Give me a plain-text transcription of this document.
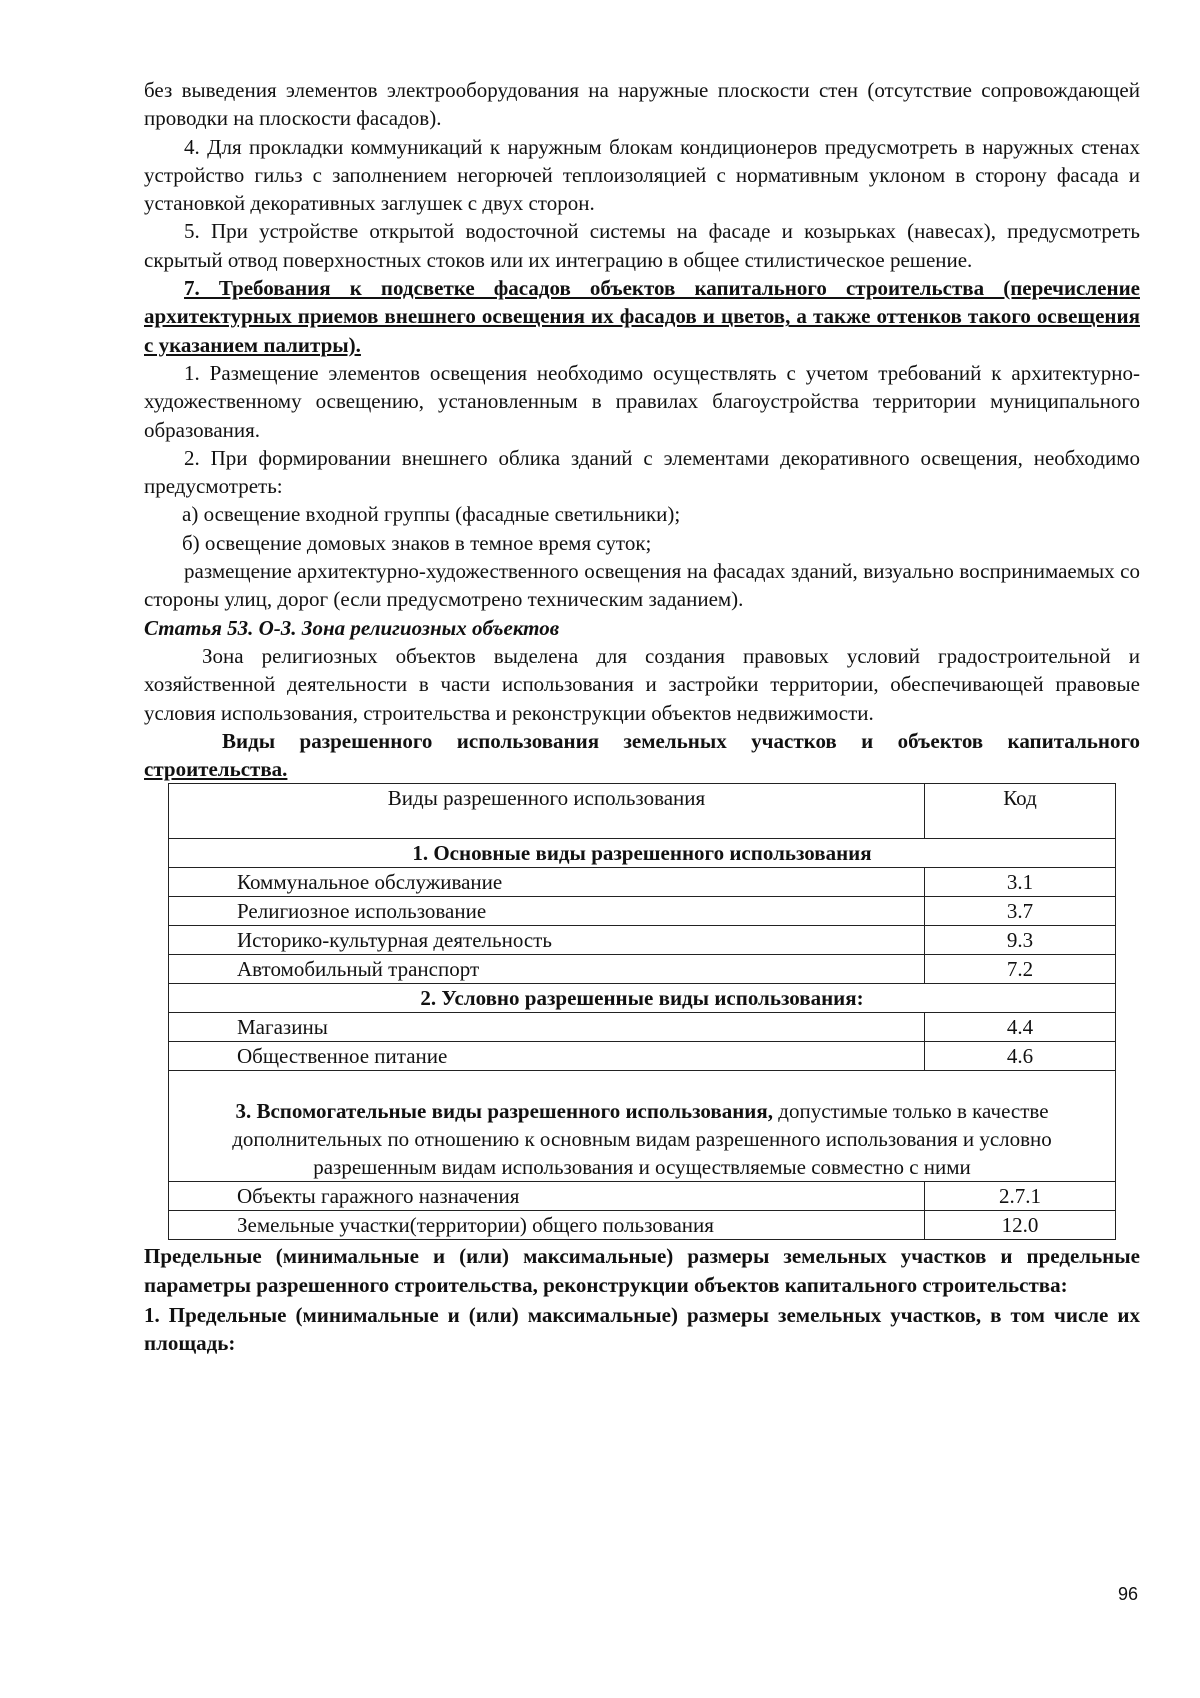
без выведения элементов электрооборудования на наружные плоскости стен (отсутствие сопровождающей проводки на плоскости фасадов).

4. Для прокладки коммуникаций к наружным блокам кондиционеров предусмотреть в наружных стенах устройство гильз с заполнением негорючей теплоизоляцией с нормативным уклоном в сторону фасада и установкой декоративных заглушек с двух сторон.

5. При устройстве открытой водосточной системы на фасаде и козырьках (навесах), предусмотреть скрытый отвод поверхностных стоков или их интеграцию в общее стилистическое решение.

7. Требования к подсветке фасадов объектов капитального строительства (перечисление архитектурных приемов внешнего освещения их фасадов и цветов, а также оттенков такого освещения с указанием палитры).

1. Размещение элементов освещения необходимо осуществлять с учетом требований к архитектурно-художественному освещению, установленным в правилах благоустройства территории муниципального образования.

2. При формировании внешнего облика зданий с элементами декоративного освещения, необходимо предусмотреть:

а) освещение входной группы (фасадные светильники);

б) освещение домовых знаков в темное время суток;

размещение архитектурно-художественного освещения на фасадах зданий, визуально воспринимаемых со стороны улиц, дорог (если предусмотрено техническим заданием).

Статья 53. О-3. Зона религиозных объектов

Зона религиозных объектов выделена для создания правовых условий градостроительной и хозяйственной деятельности в части использования и застройки территории, обеспечивающей правовые условия использования, строительства и реконструкции объектов недвижимости.

Виды разрешенного использования земельных участков и объектов капитального строительства.

Виды разрешенного использования	Код
1. Основные виды разрешенного использования	
Коммунальное обслуживание	3.1
Религиозное использование	3.7
Историко-культурная деятельность	9.3
Автомобильный транспорт	7.2
2. Условно разрешенные виды использования:	
Магазины	4.4
Общественное питание	4.6
3. Вспомогательные виды разрешенного использования, допустимые только в качестве дополнительных по отношению к основным видам разрешенного использования и условно разрешенным видам использования и осуществляемые совместно с ними	
Объекты гаражного назначения	2.7.1
Земельные участки(территории) общего пользования	12.0

Предельные (минимальные и (или) максимальные) размеры земельных участков и предельные параметры разрешенного строительства, реконструкции объектов капитального строительства:

1. Предельные (минимальные и (или) максимальные) размеры земельных участков, в том числе их площадь:

96
